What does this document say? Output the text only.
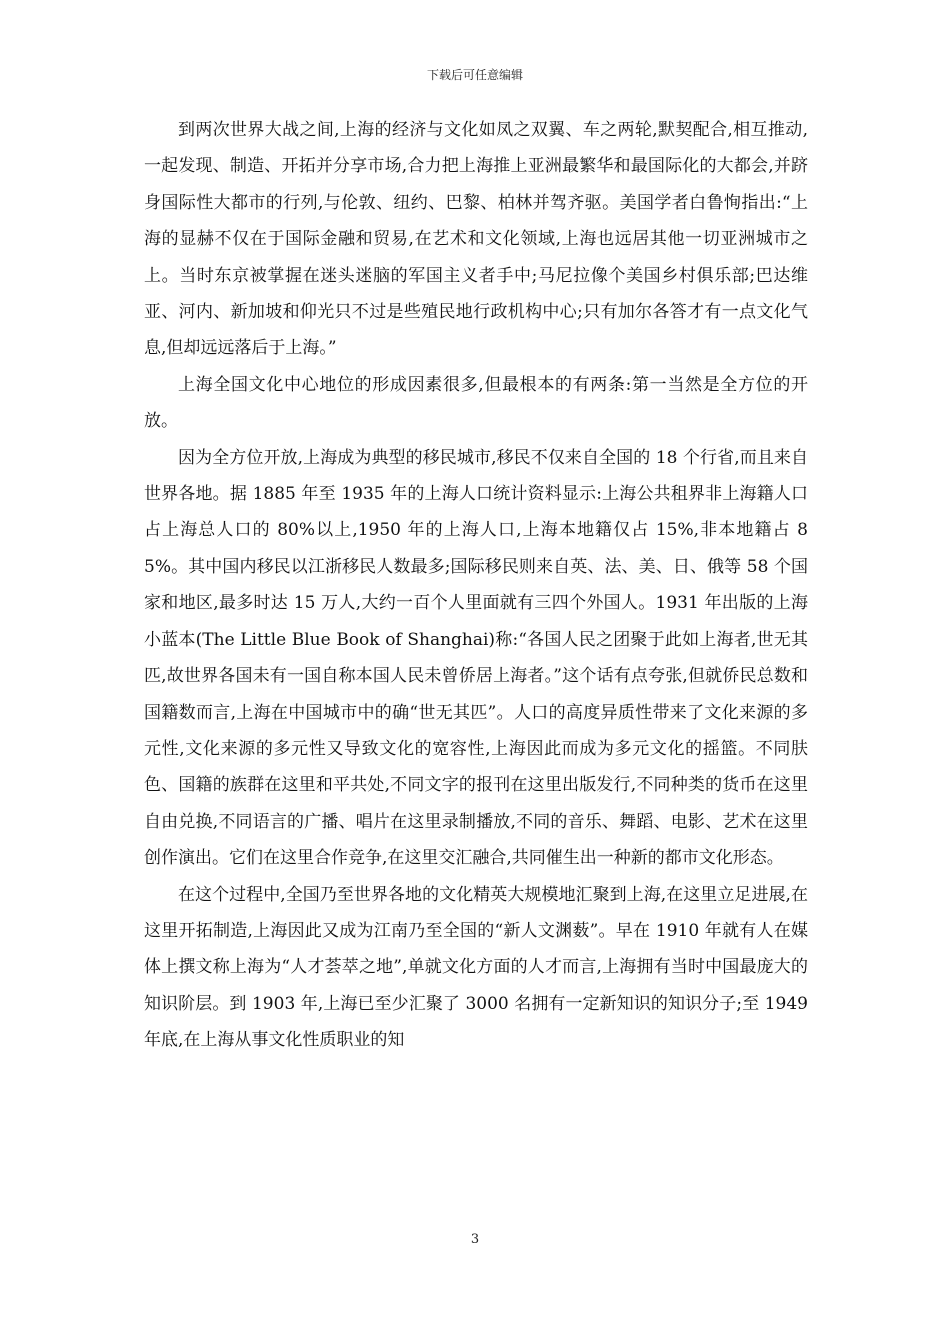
下载后可任意编辑

到两次世界大战之间,上海的经济与文化如凤之双翼、车之两轮,默契配合,相互推动,一起发现、制造、开拓并分享市场,合力把上海推上亚洲最繁华和最国际化的大都会,并跻身国际性大都市的行列,与伦敦、纽约、巴黎、柏林并驾齐驱。美国学者白鲁恂指出:“上海的显赫不仅在于国际金融和贸易,在艺术和文化领域,上海也远居其他一切亚洲城市之上。当时东京被掌握在迷头迷脑的军国主义者手中;马尼拉像个美国乡村俱乐部;巴达维亚、河内、新加坡和仰光只不过是些殖民地行政机构中心;只有加尔各答才有一点文化气息,但却远远落后于上海。”

上海全国文化中心地位的形成因素很多,但最根本的有两条:第一当然是全方位的开放。

因为全方位开放,上海成为典型的移民城市,移民不仅来自全国的 18 个行省,而且来自世界各地。据 1885 年至 1935 年的上海人口统计资料显示:上海公共租界非上海籍人口占上海总人口的 80%以上,1950 年的上海人口,上海本地籍仅占 15%,非本地籍占 85%。其中国内移民以江浙移民人数最多;国际移民则来自英、法、美、日、俄等 58 个国家和地区,最多时达 15 万人,大约一百个人里面就有三四个外国人。1931 年出版的上海小蓝本(The Little Blue Book of Shanghai)称:“各国人民之团聚于此如上海者,世无其匹,故世界各国未有一国自称本国人民未曾侨居上海者。”这个话有点夸张,但就侨民总数和国籍数而言,上海在中国城市中的确“世无其匹”。人口的高度异质性带来了文化来源的多元性,文化来源的多元性又导致文化的宽容性,上海因此而成为多元文化的摇篮。不同肤色、国籍的族群在这里和平共处,不同文字的报刊在这里出版发行,不同种类的货币在这里自由兑换,不同语言的广播、唱片在这里录制播放,不同的音乐、舞蹈、电影、艺术在这里创作演出。它们在这里合作竞争,在这里交汇融合,共同催生出一种新的都市文化形态。

在这个过程中,全国乃至世界各地的文化精英大规模地汇聚到上海,在这里立足进展,在这里开拓制造,上海因此又成为江南乃至全国的“新人文渊薮”。早在 1910 年就有人在媒体上撰文称上海为“人才荟萃之地”,单就文化方面的人才而言,上海拥有当时中国最庞大的知识阶层。到 1903 年,上海已至少汇聚了 3000 名拥有一定新知识的知识分子;至 1949 年底,在上海从事文化性质职业的知

3
